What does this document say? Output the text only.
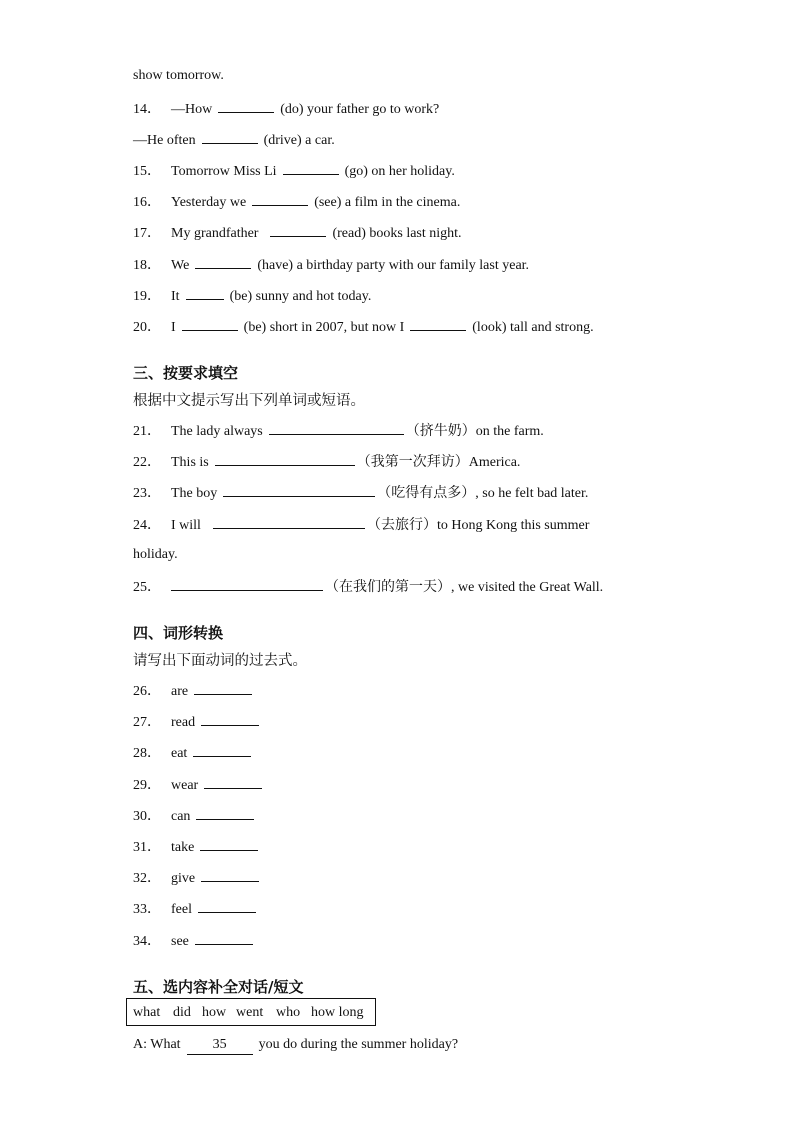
show tomorrow.
14． —How	(do) your father go to work?
—He often	(drive) a car.
15． Tomorrow Miss Li	(go) on her holiday.
16． Yesterday we	(see) a film in the cinema.
17． My grandfather	(read) books last night.
18． We	(have) a birthday party with our family last year.
19． It	(be) sunny and hot today.
20． I	(be) short in 2007, but now I	(look) tall and strong.
三、按要求填空
根据中文提示写出下列单词或短语。
21． The lady always	（挤牛奶）on the farm.
22． This is	（我第一次拜访）America.
23． The boy	（吃得有点多）, so he felt bad later.
24． I will	（去旅行）to Hong Kong this summer
holiday.
25．	（在我们的第一天）, we visited the Great Wall.
四、词形转换
请写出下面动词的过去式。
26． are
27． read
28． eat
29． wear
30． can
31． take
32． give
33． feel
34． see
五、选内容补全对话/短文
what did how went who how long
A: What 35 you do during the summer holiday?
